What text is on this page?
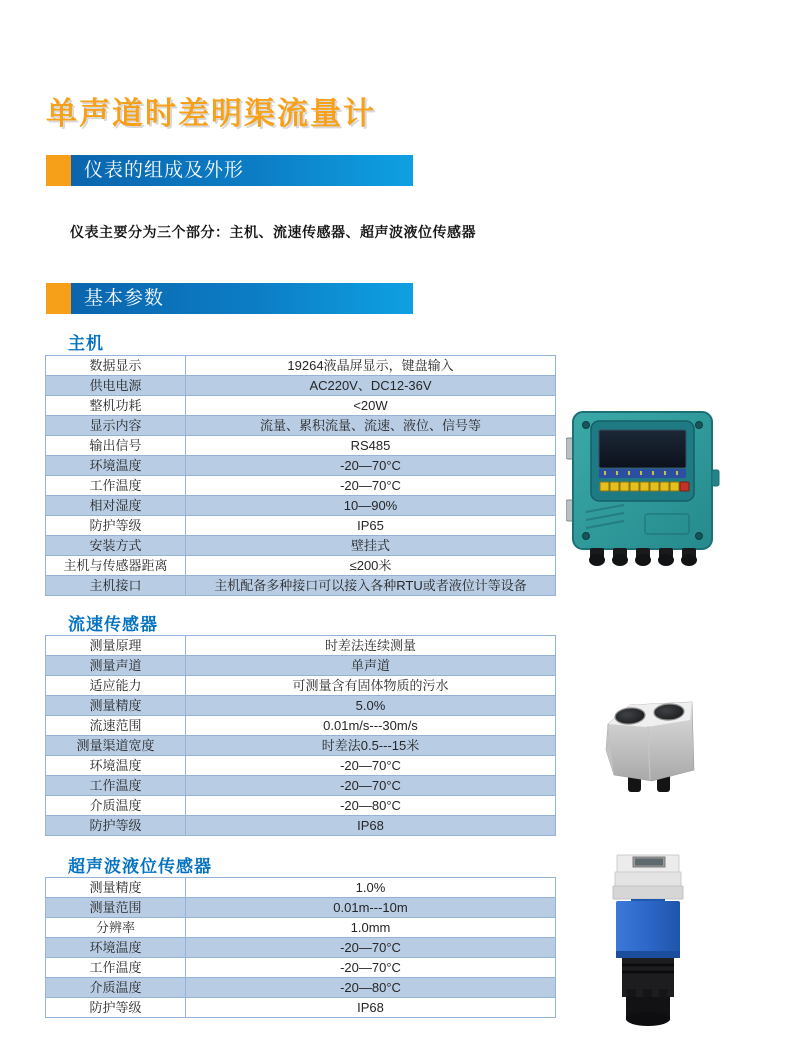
单声道时差明渠流量计
仪表的组成及外形
仪表主要分为三个部分：主机、流速传感器、超声波液位传感器
基本参数
主机
数据显示	19264液晶屏显示，键盘输入
供电电源	AC220V、DC12-36V
整机功耗	<20W
显示内容	流量、累积流量、流速、液位、信号等
输出信号	RS485
环境温度	-20—70°C
工作温度	-20—70°C
相对湿度	10—90%
防护等级	IP65
安装方式	壁挂式
主机与传感器距离	≤200米
主机接口	主机配备多种接口可以接入各种RTU或者液位计等设备
流速传感器
测量原理	时差法连续测量
测量声道	单声道
适应能力	可测量含有固体物质的污水
测量精度	5.0%
流速范围	0.01m/s---30m/s
测量渠道宽度	时差法0.5---15米
环境温度	-20—70°C
工作温度	-20—70°C
介质温度	-20—80°C
防护等级	IP68
超声波液位传感器
测量精度	1.0%
测量范围	0.01m---10m
分辨率	1.0mm
环境温度	-20—70°C
工作温度	-20—70°C
介质温度	-20—80°C
防护等级	IP68
